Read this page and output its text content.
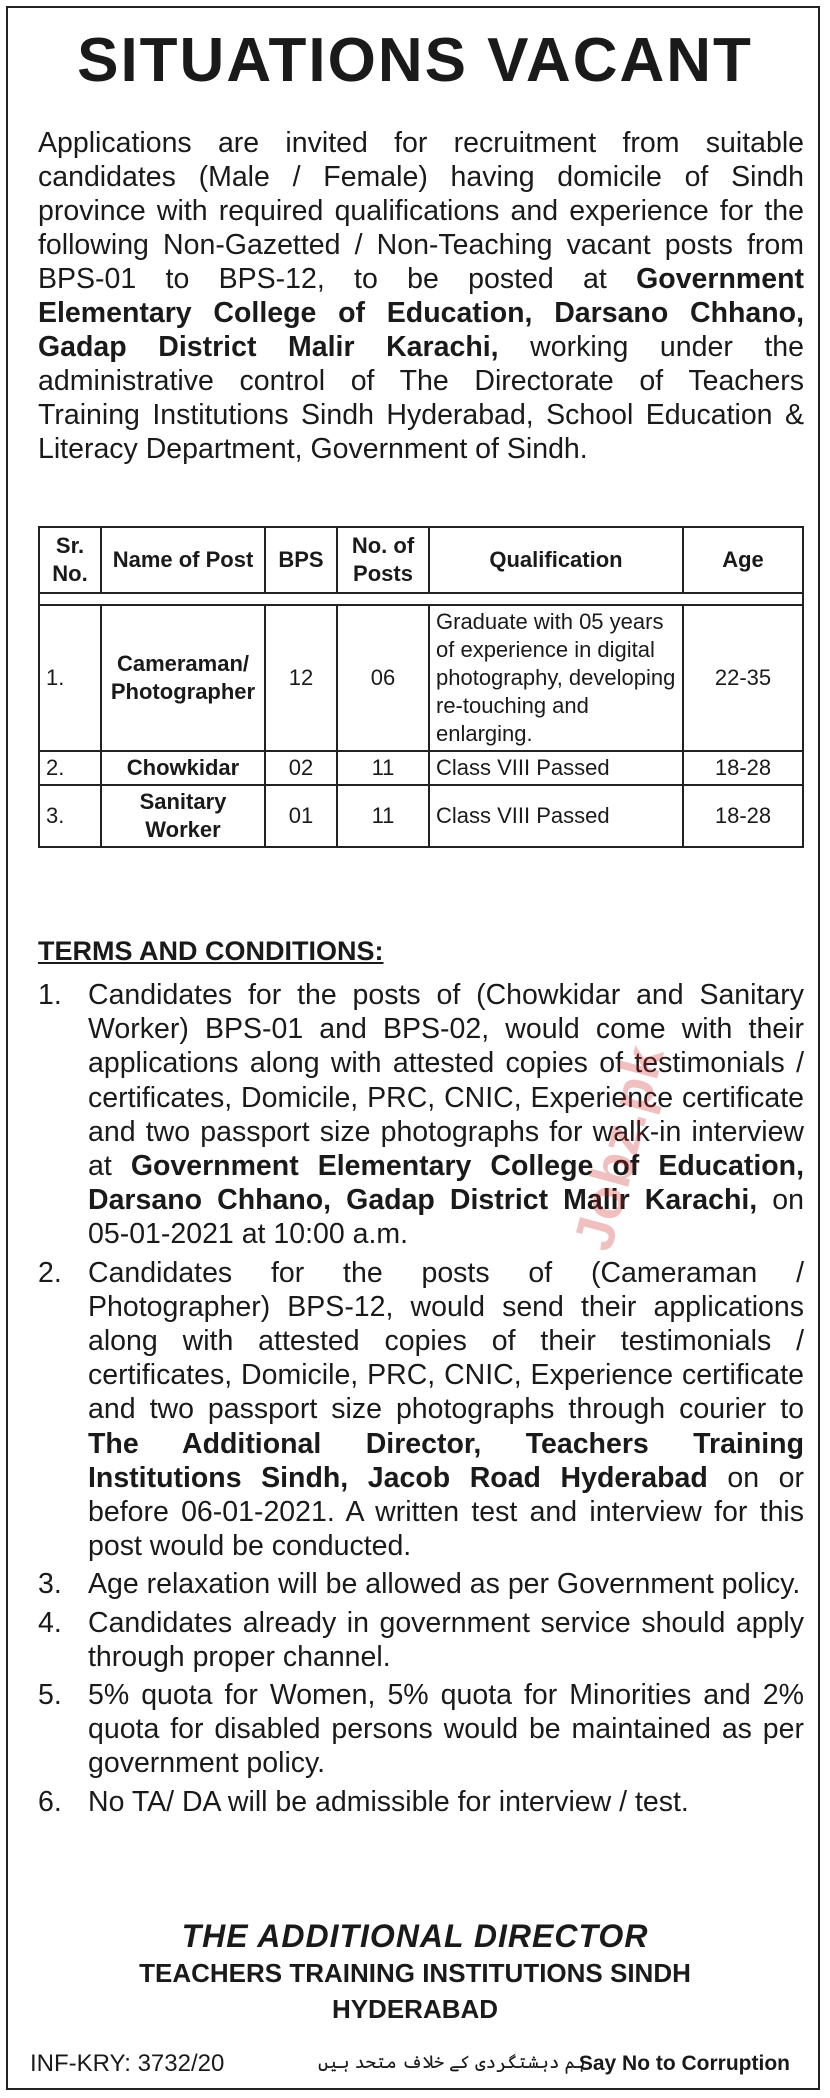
SITUATIONS VACANT
Applications are invited for recruitment from suitable candidates (Male / Female) having domicile of Sindh province with required qualifications and experience for the following Non-Gazetted / Non-Teaching vacant posts from BPS-01 to BPS-12, to be posted at Government Elementary College of Education, Darsano Chhano, Gadap District Malir Karachi, working under the administrative control of The Directorate of Teachers Training Institutions Sindh Hyderabad, School Education & Literacy Department, Government of Sindh.
Sr. No.	Name of Post	BPS	No. of Posts	Qualification	Age

1.	Cameraman/ Photographer	12	06	Graduate with 05 years of experience in digital photography, developing re-touching and enlarging.	22-35
2.	Chowkidar	02	11	Class VIII Passed	18-28
3.	Sanitary Worker	01	11	Class VIII Passed	18-28
TERMS AND CONDITIONS:
1. Candidates for the posts of (Chowkidar and Sanitary Worker) BPS-01 and BPS-02, would come with their applications along with attested copies of testimonials / certificates, Domicile, PRC, CNIC, Experience certificate and two passport size photographs for walk-in interview at Government Elementary College of Education, Darsano Chhano, Gadap District Malir Karachi, on 05-01-2021 at 10:00 a.m.
2. Candidates for the posts of (Cameraman / Photographer) BPS-12, would send their applications along with attested copies of their testimonials / certificates, Domicile, PRC, CNIC, Experience certificate and two passport size photographs through courier to The Additional Director, Teachers Training Institutions Sindh, Jacob Road Hyderabad on or before 06-01-2021. A written test and interview for this post would be conducted.
3. Age relaxation will be allowed as per Government policy.
4. Candidates already in government service should apply through proper channel.
5. 5% quota for Women, 5% quota for Minorities and 2% quota for disabled persons would be maintained as per government policy.
6. No TA/ DA will be admissible for interview / test.
Jobz.pk
THE ADDITIONAL DIRECTOR
TEACHERS TRAINING INSTITUTIONS SINDH
HYDERABAD
INF-KRY: 3732/20	ہم دہشتگردی کے خلاف متحد ہیں
Say No to Corruption
